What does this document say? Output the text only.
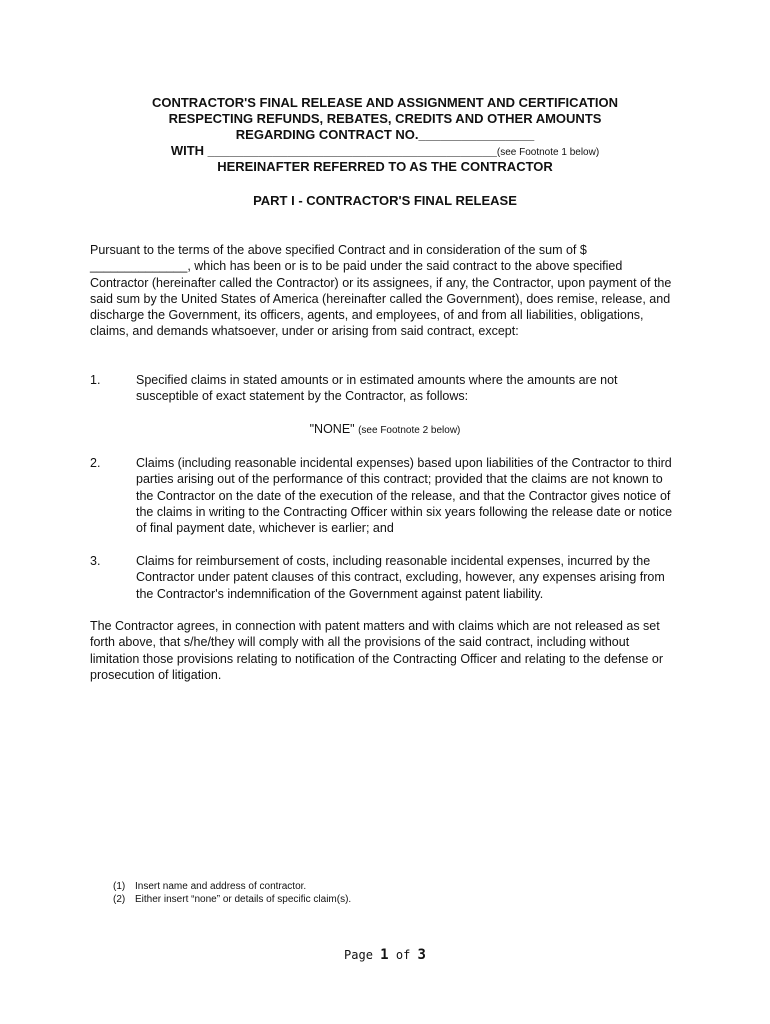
CONTRACTOR'S FINAL RELEASE AND ASSIGNMENT AND CERTIFICATION
RESPECTING REFUNDS, REBATES, CREDITS AND OTHER AMOUNTS
REGARDING CONTRACT NO.________________
WITH ________________________________________(see Footnote 1 below)
HEREINAFTER REFERRED TO AS THE CONTRACTOR
PART I - CONTRACTOR'S FINAL RELEASE
Pursuant to the terms of the above specified Contract and in consideration of the sum of $ ______________, which has been or is to be paid under the said contract to the above specified Contractor (hereinafter called the Contractor) or its assignees, if any, the Contractor, upon payment of the said sum by the United States of America (hereinafter called the Government), does remise, release, and discharge the Government, its officers, agents, and employees, of and from all liabilities, obligations, claims, and demands whatsoever, under or arising from said contract, except:
1.	Specified claims in stated amounts or in estimated amounts where the amounts are not susceptible of exact statement by the Contractor, as follows:
"NONE" (see Footnote 2 below)
2.	Claims (including reasonable incidental expenses) based upon liabilities of the Contractor to third parties arising out of the performance of this contract; provided that the claims are not known to the Contractor on the date of the execution of the release, and that the Contractor gives notice of the claims in writing to the Contracting Officer within six years following the release date or notice of final payment date, whichever is earlier; and
3.	Claims for reimbursement of costs, including reasonable incidental expenses, incurred by the Contractor under patent clauses of this contract, excluding, however, any expenses arising from the Contractor's indemnification of the Government against patent liability.
The Contractor agrees, in connection with patent matters and with claims which are not released as set forth above, that s/he/they will comply with all the provisions of the said contract, including without limitation those provisions relating to notification of the Contracting Officer and relating to the defense or prosecution of litigation.
(1) Insert name and address of contractor.
(2) Either insert “none” or details of specific claim(s).
Page 1 of 3
